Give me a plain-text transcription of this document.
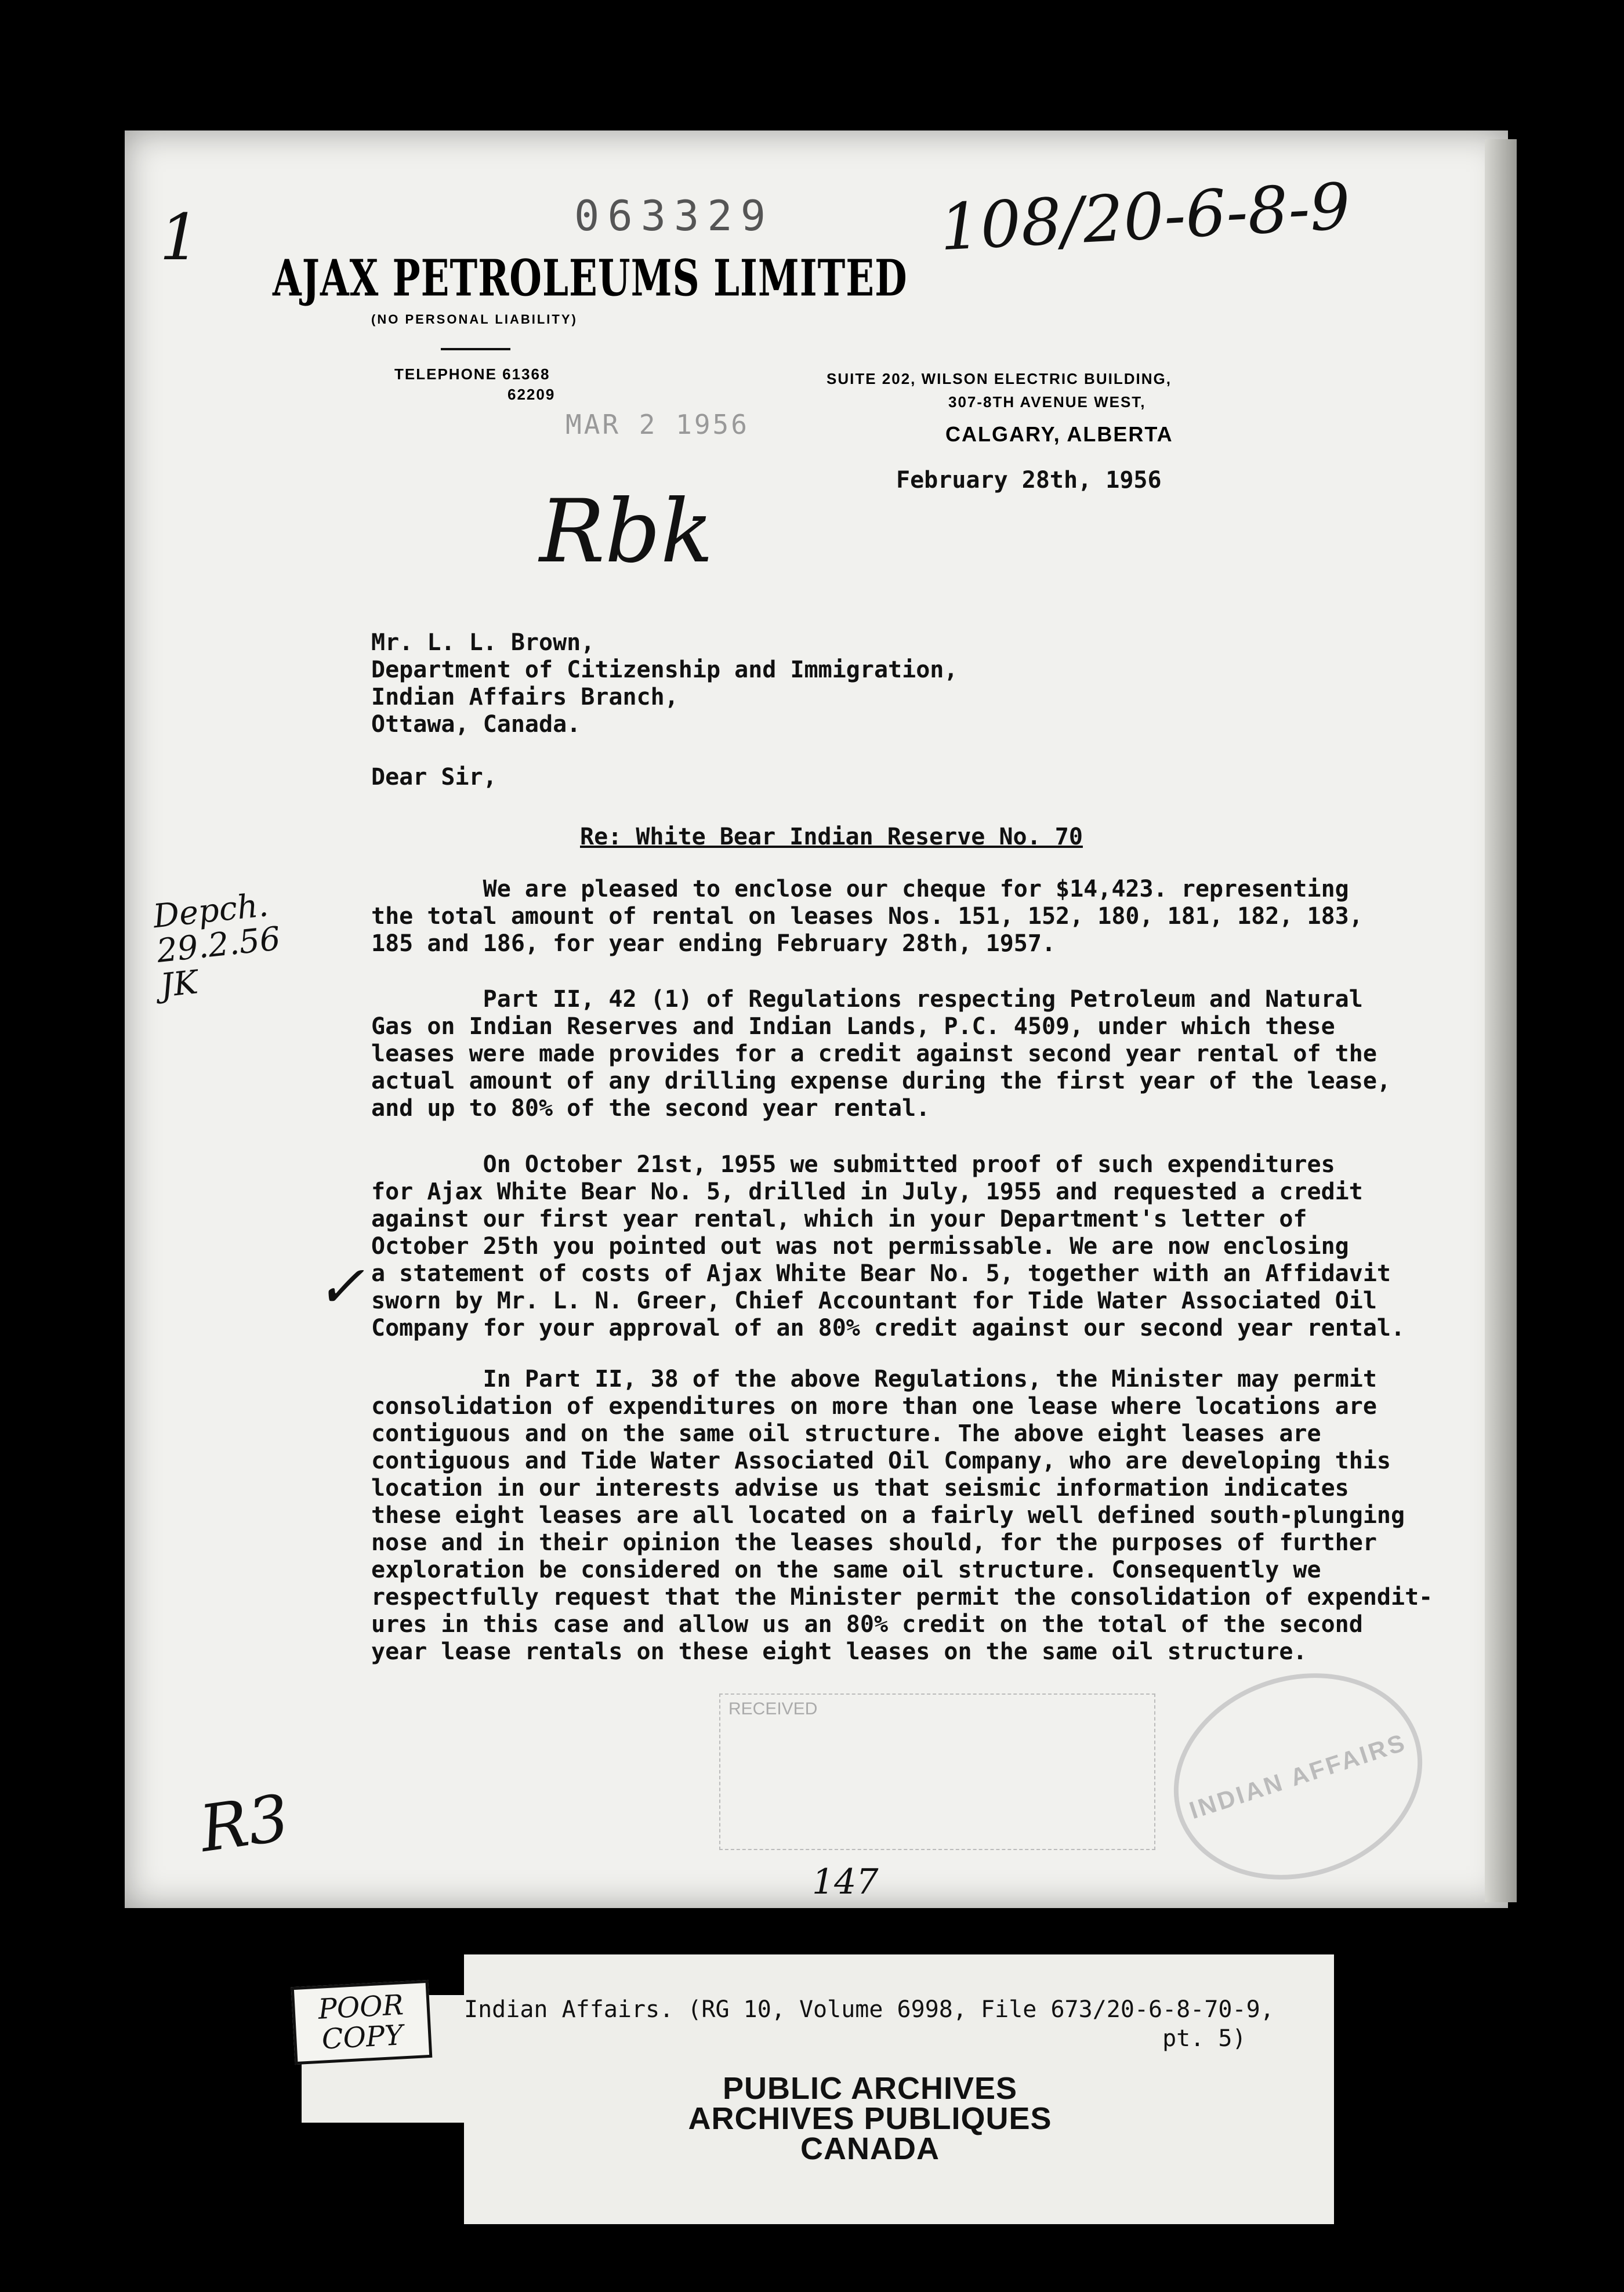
063329	108/20-6-8-9
1
AJAX PETROLEUMS LIMITED
(NO PERSONAL LIABILITY)
TELEPHONE 61368
62209
SUITE 202, WILSON ELECTRIC BUILDING,
307-8TH AVENUE WEST,
CALGARY, ALBERTA
MAR 2 1956
February 28th, 1956
Rbk
Mr. L. L. Brown,
Department of Citizenship and Immigration,
Indian Affairs Branch,
Ottawa, Canada.
Dear Sir,
Re: White Bear Indian Reserve No. 70
We are pleased to enclose our cheque for $14,423. representing
the total amount of rental on leases Nos. 151, 152, 180, 181, 182, 183,
185 and 186, for year ending February 28th, 1957.
Part II, 42 (1) of Regulations respecting Petroleum and Natural
Gas on Indian Reserves and Indian Lands, P.C. 4509, under which these
leases were made provides for a credit against second year rental of the
actual amount of any drilling expense during the first year of the lease,
and up to 80% of the second year rental.
On October 21st, 1955 we submitted proof of such expenditures
for Ajax White Bear No. 5, drilled in July, 1955 and requested a credit
against our first year rental, which in your Department's letter of
October 25th you pointed out was not permissable. We are now enclosing
a statement of costs of Ajax White Bear No. 5, together with an Affidavit
sworn by Mr. L. N. Greer, Chief Accountant for Tide Water Associated Oil
Company for your approval of an 80% credit against our second year rental.
In Part II, 38 of the above Regulations, the Minister may permit
consolidation of expenditures on more than one lease where locations are
contiguous and on the same oil structure. The above eight leases are
contiguous and Tide Water Associated Oil Company, who are developing this
location in our interests advise us that seismic information indicates
these eight leases are all located on a fairly well defined south-plunging
nose and in their opinion the leases should, for the purposes of further
exploration be considered on the same oil structure. Consequently we
respectfully request that the Minister permit the consolidation of expendit-
ures in this case and allow us an 80% credit on the total of the second
year lease rentals on these eight leases on the same oil structure.
Depch.
29.2.56
JK
✓
R3
147
RECEIVED
INDIAN AFFAIRS
POOR
COPY
Indian Affairs. (RG 10, Volume 6998, File 673/20-6-8-70-9,
pt. 5)
PUBLIC ARCHIVES
ARCHIVES PUBLIQUES
CANADA
